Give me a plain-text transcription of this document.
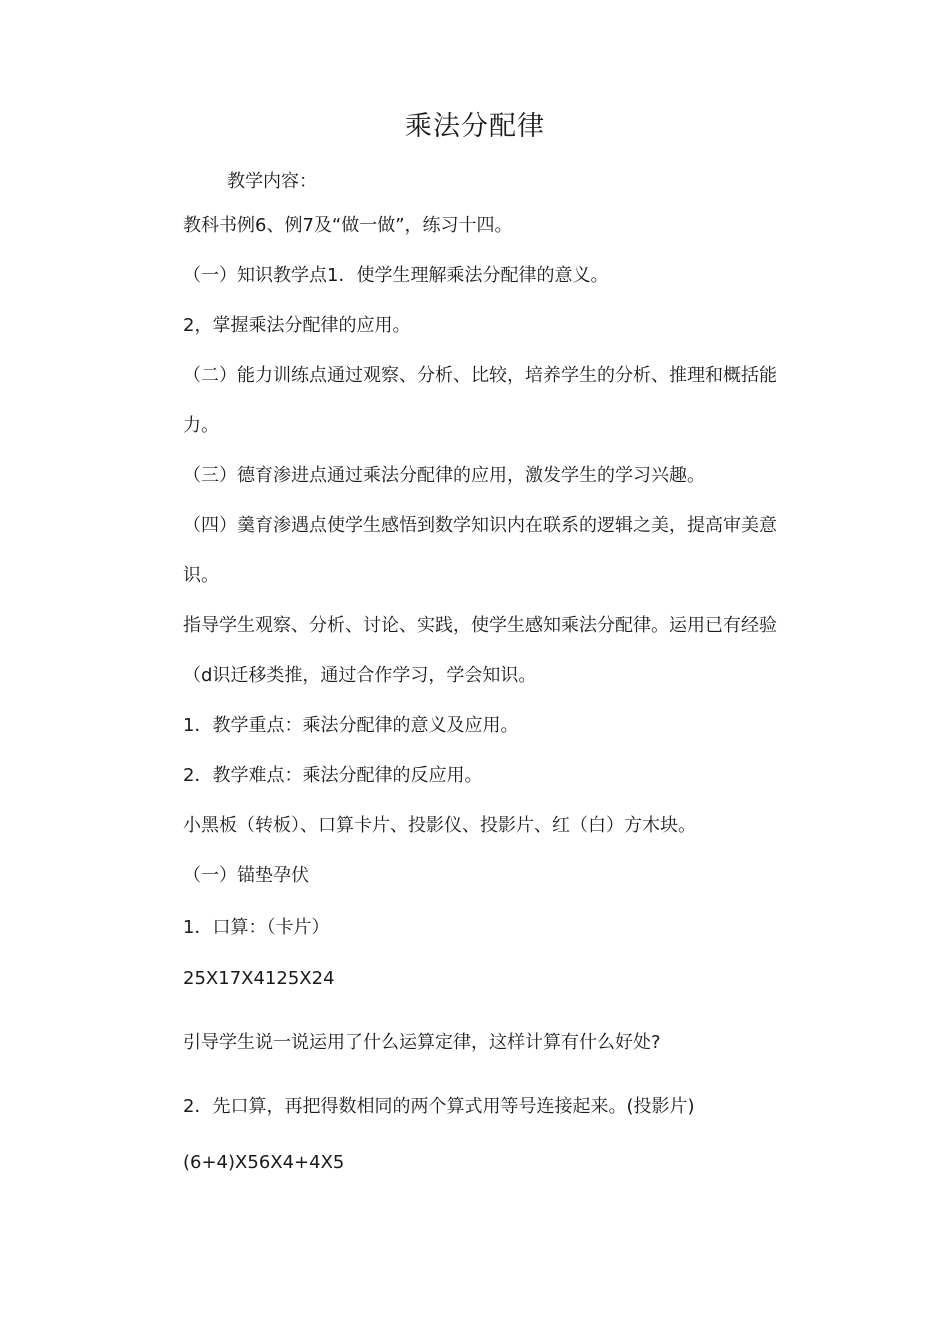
乘法分配律
教学内容：
教科书例6、例7及“做一做”，练习十四。
（一）知识教学点1．使学生理解乘法分配律的意义。
2，掌握乘法分配律的应用。
（二）能力训练点通过观察、分析、比较，培养学生的分析、推理和概括能
力。
（三）德育渗进点通过乘法分配律的应用，激发学生的学习兴趣。
（四）羹育渗遇点使学生感悟到数学知识内在联系的逻辑之美，提高审美意
识。
指导学生观察、分析、讨论、实践，使学生感知乘法分配律。运用已有经验
（d识迁移类推，通过合作学习，学会知识。
1．教学重点：乘法分配律的意义及应用。
2．教学难点：乘法分配律的反应用。
小黑板（转板）、口算卡片、投影仪、投影片、红（白）方木块。
（一）锚垫孕伏
1．口算：（卡片）
25X17X4125X24
引导学生说一说运用了什么运算定律，这样计算有什么好处?
2．先口算，再把得数相同的两个算式用等号连接起来。(投影片)
(6+4)X56X4+4X5
